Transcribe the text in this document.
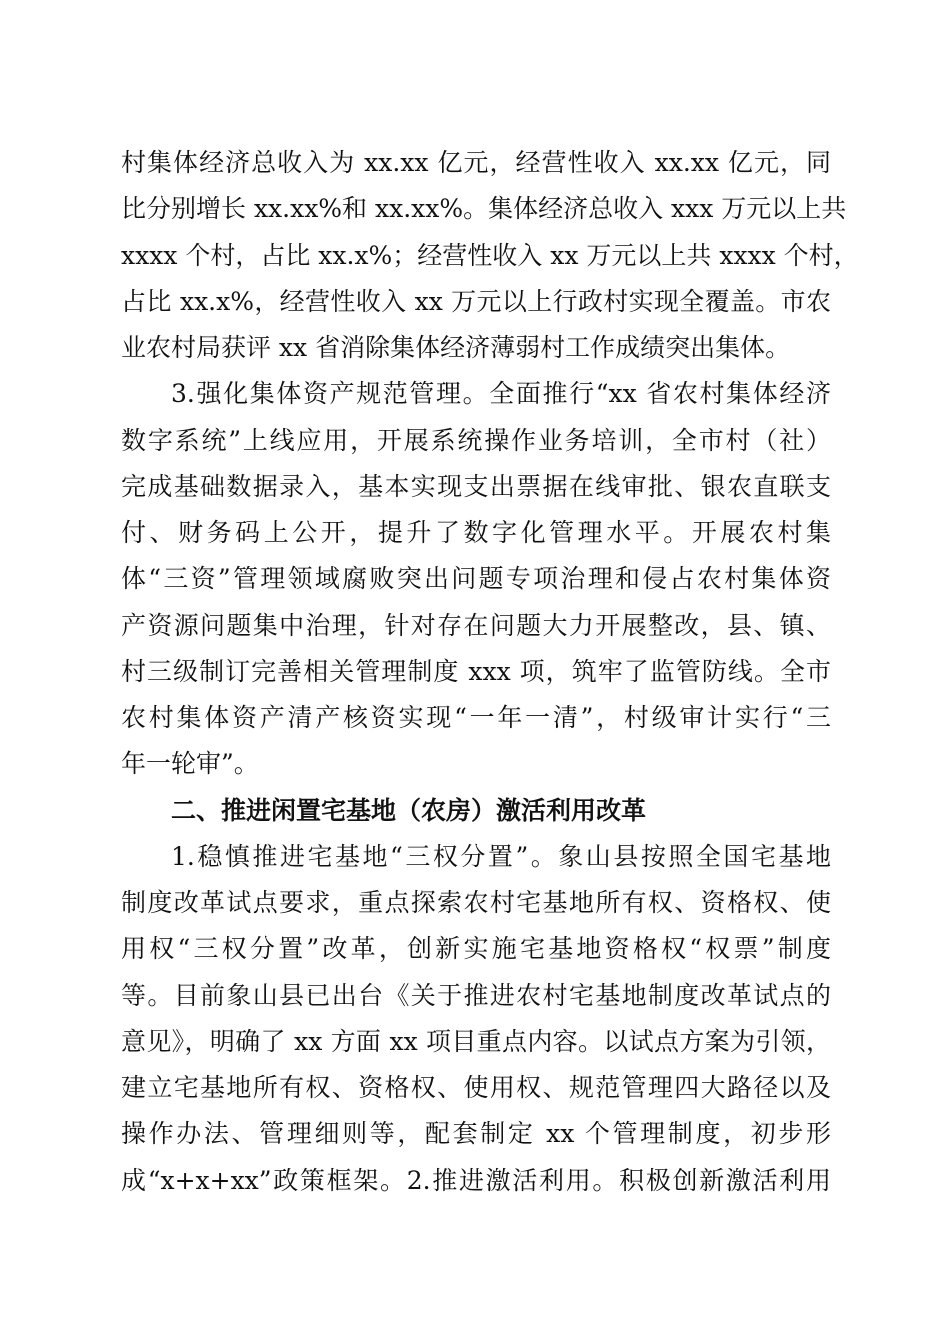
村集体经济总收入为 xx.xx 亿元，经营性收入 xx.xx 亿元，同
比分别增长 xx.xx%和 xx.xx%。集体经济总收入 xxx 万元以上共
xxxx 个村，占比 xx.x%；经营性收入 xx 万元以上共 xxxx 个村，
占比 xx.x%，经营性收入 xx 万元以上行政村实现全覆盖。市农
业农村局获评 xx 省消除集体经济薄弱村工作成绩突出集体。
3.强化集体资产规范管理。全面推行“xx 省农村集体经济
数字系统”上线应用，开展系统操作业务培训，全市村（社）
完成基础数据录入，基本实现支出票据在线审批、银农直联支
付、财务码上公开，提升了数字化管理水平。开展农村集
体“三资”管理领域腐败突出问题专项治理和侵占农村集体资
产资源问题集中治理，针对存在问题大力开展整改，县、镇、
村三级制订完善相关管理制度 xxx 项，筑牢了监管防线。全市
农村集体资产清产核资实现“一年一清”，村级审计实行“三
年一轮审”。
二、推进闲置宅基地（农房）激活利用改革
1.稳慎推进宅基地“三权分置”。象山县按照全国宅基地
制度改革试点要求，重点探索农村宅基地所有权、资格权、使
用权“三权分置”改革，创新实施宅基地资格权“权票”制度
等。目前象山县已出台《关于推进农村宅基地制度改革试点的
意见》，明确了 xx 方面 xx 项目重点内容。以试点方案为引领，
建立宅基地所有权、资格权、使用权、规范管理四大路径以及
操作办法、管理细则等，配套制定 xx 个管理制度，初步形
成“x+x+xx”政策框架。2.推进激活利用。积极创新激活利用
